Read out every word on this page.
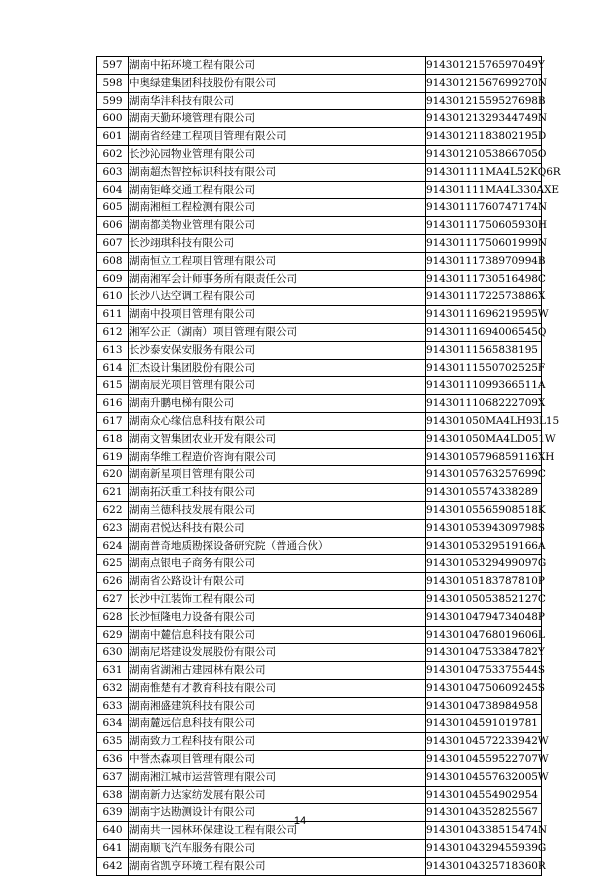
597	湖南中拓环境工程有限公司	91430121576597049Y
598	中奥绿建集团科技股份有限公司	91430121567699270N
599	湖南华沣科技有限公司	91430121559527698B
600	湖南天勤环境管理有限公司	91430121329344749N
601	湖南省经建工程项目管理有限公司	91430121183802195D
602	长沙沁园物业管理有限公司	91430121053866705O
603	湖南超杰智控标识科技有限公司	914301111MA4L52KQ6R
604	湖南钜峰交通工程有限公司	914301111MA4L330AXE
605	湖南湘桓工程检测有限公司	91430111760747174N
606	湖南都美物业管理有限公司	91430111750605930H
607	长沙翊琪科技有限公司	91430111750601999N
608	湖南恒立工程项目管理有限公司	91430111738970994B
609	湖南湘军会计师事务所有限责任公司	91430111730516498C
610	长沙八达空调工程有限公司	91430111722573886X
611	湖南中投项目管理有限公司	91430111696219595W
612	湘军公正（湖南）项目管理有限公司	91430111694006545Q
613	长沙泰安保安服务有限公司	91430111565838195
614	汇杰设计集团股份有限公司	91430111550702525F
615	湖南辰光项目管理有限公司	91430111099366511A
616	湖南升鹏电梯有限公司	91430111068222709X
617	湖南众心缘信息科技有限公司	914301050MA4LH93L15
618	湖南文智集团农业开发有限公司	914301050MA4LD051W
619	湖南华维工程造价咨询有限公司	91430105796859116XH
620	湖南新星项目管理有限公司	91430105763257699C
621	湖南拓沃重工科技有限公司	91430105574338289
622	湖南兰德科技发展有限公司	91430105565908518K
623	湖南君悦达科技有限公司	91430105394309798S
624	湖南普奇地质勘探设备研究院（普通合伙）	91430105329519166A
625	湖南点银电子商务有限公司	91430105329499097G
626	湖南省公路设计有限公司	91430105183787810P
627	长沙中江装饰工程有限公司	91430105053852127C
628	长沙恒隆电力设备有限公司	91430104794734048P
629	湖南中麓信息科技有限公司	91430104768019606L
630	湖南尼塔建设发展股份有限公司	91430104753384782Y
631	湖南省湖湘古建园林有限公司	91430104753375544S
632	湖南惟楚有才教育科技有限公司	91430104750609245S
633	湖南湘盛建筑科技有限公司	91430104738984958
634	湖南麓远信息科技有限公司	91430104591019781
635	湖南致力工程科技有限公司	91430104572233942W
636	中誉杰森项目管理有限公司	91430104559522707W
637	湖南湘江城市运营管理有限公司	91430104557632005W
638	湖南新力达家纺发展有限公司	91430104554902954
639	湖南宇达勘测设计有限公司	91430104352825567
640	湖南共一园林环保建设工程有限公司	91430104338515474N
641	湖南顺飞汽车服务有限公司	91430104329455939G
642	湖南省凯亨环境工程有限公司	91430104325718360R
14
